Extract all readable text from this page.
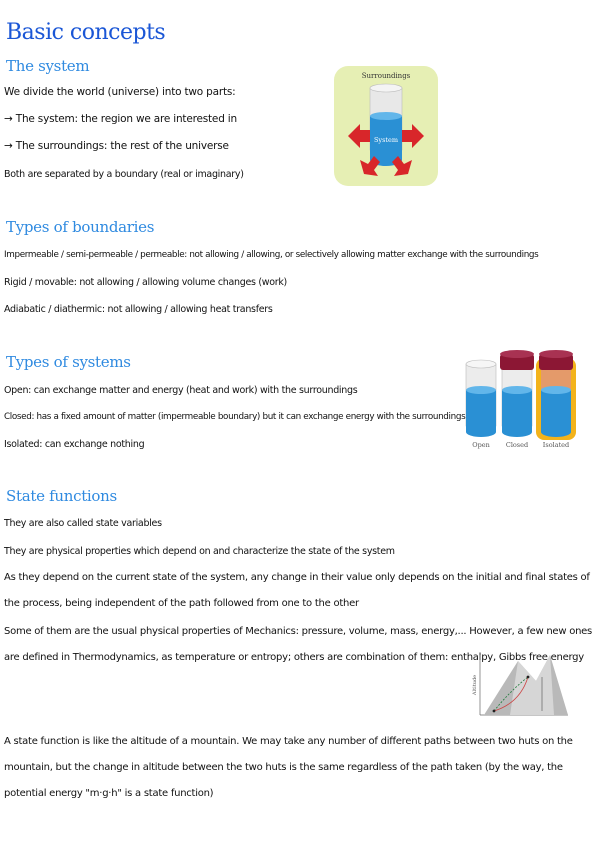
Basic concepts
The system
We divide the world (universe) into two parts:
→ The system: the region we are interested in
→ The surroundings: the rest of the universe
Both are separated by a boundary (real or imaginary)
Surroundings
System
Types of boundaries
Impermeable / semi-permeable / permeable: not allowing / allowing, or selectively allowing matter exchange with the surroundings
Rigid / movable: not allowing / allowing volume changes (work)
Adiabatic / diathermic: not allowing / allowing heat transfers
Types of systems
Open: can exchange matter and energy (heat and work) with the surroundings
Closed: has a fixed amount of matter (impermeable boundary) but it can exchange energy with the surroundings
Isolated: can exchange nothing	Open Closed Isolated
State functions
They are also called state variables
They are physical properties which depend on and characterize the state of the system
As they depend on the current state of the system, any change in their value only depends on the initial and final states of the process, being independent of the path followed from one to the other
Some of them are the usual physical properties of Mechanics: pressure, volume, mass, energy,... However, a few new ones are defined in Thermodynamics, as temperature or entropy; others are combination of them: enthalpy, Gibbs free energy
Altitude
A state function is like the altitude of a mountain. We may take any number of different paths between two huts on the mountain, but the change in altitude between the two huts is the same regardless of the path taken (by the way, the potential energy "m·g·h" is a state function)
